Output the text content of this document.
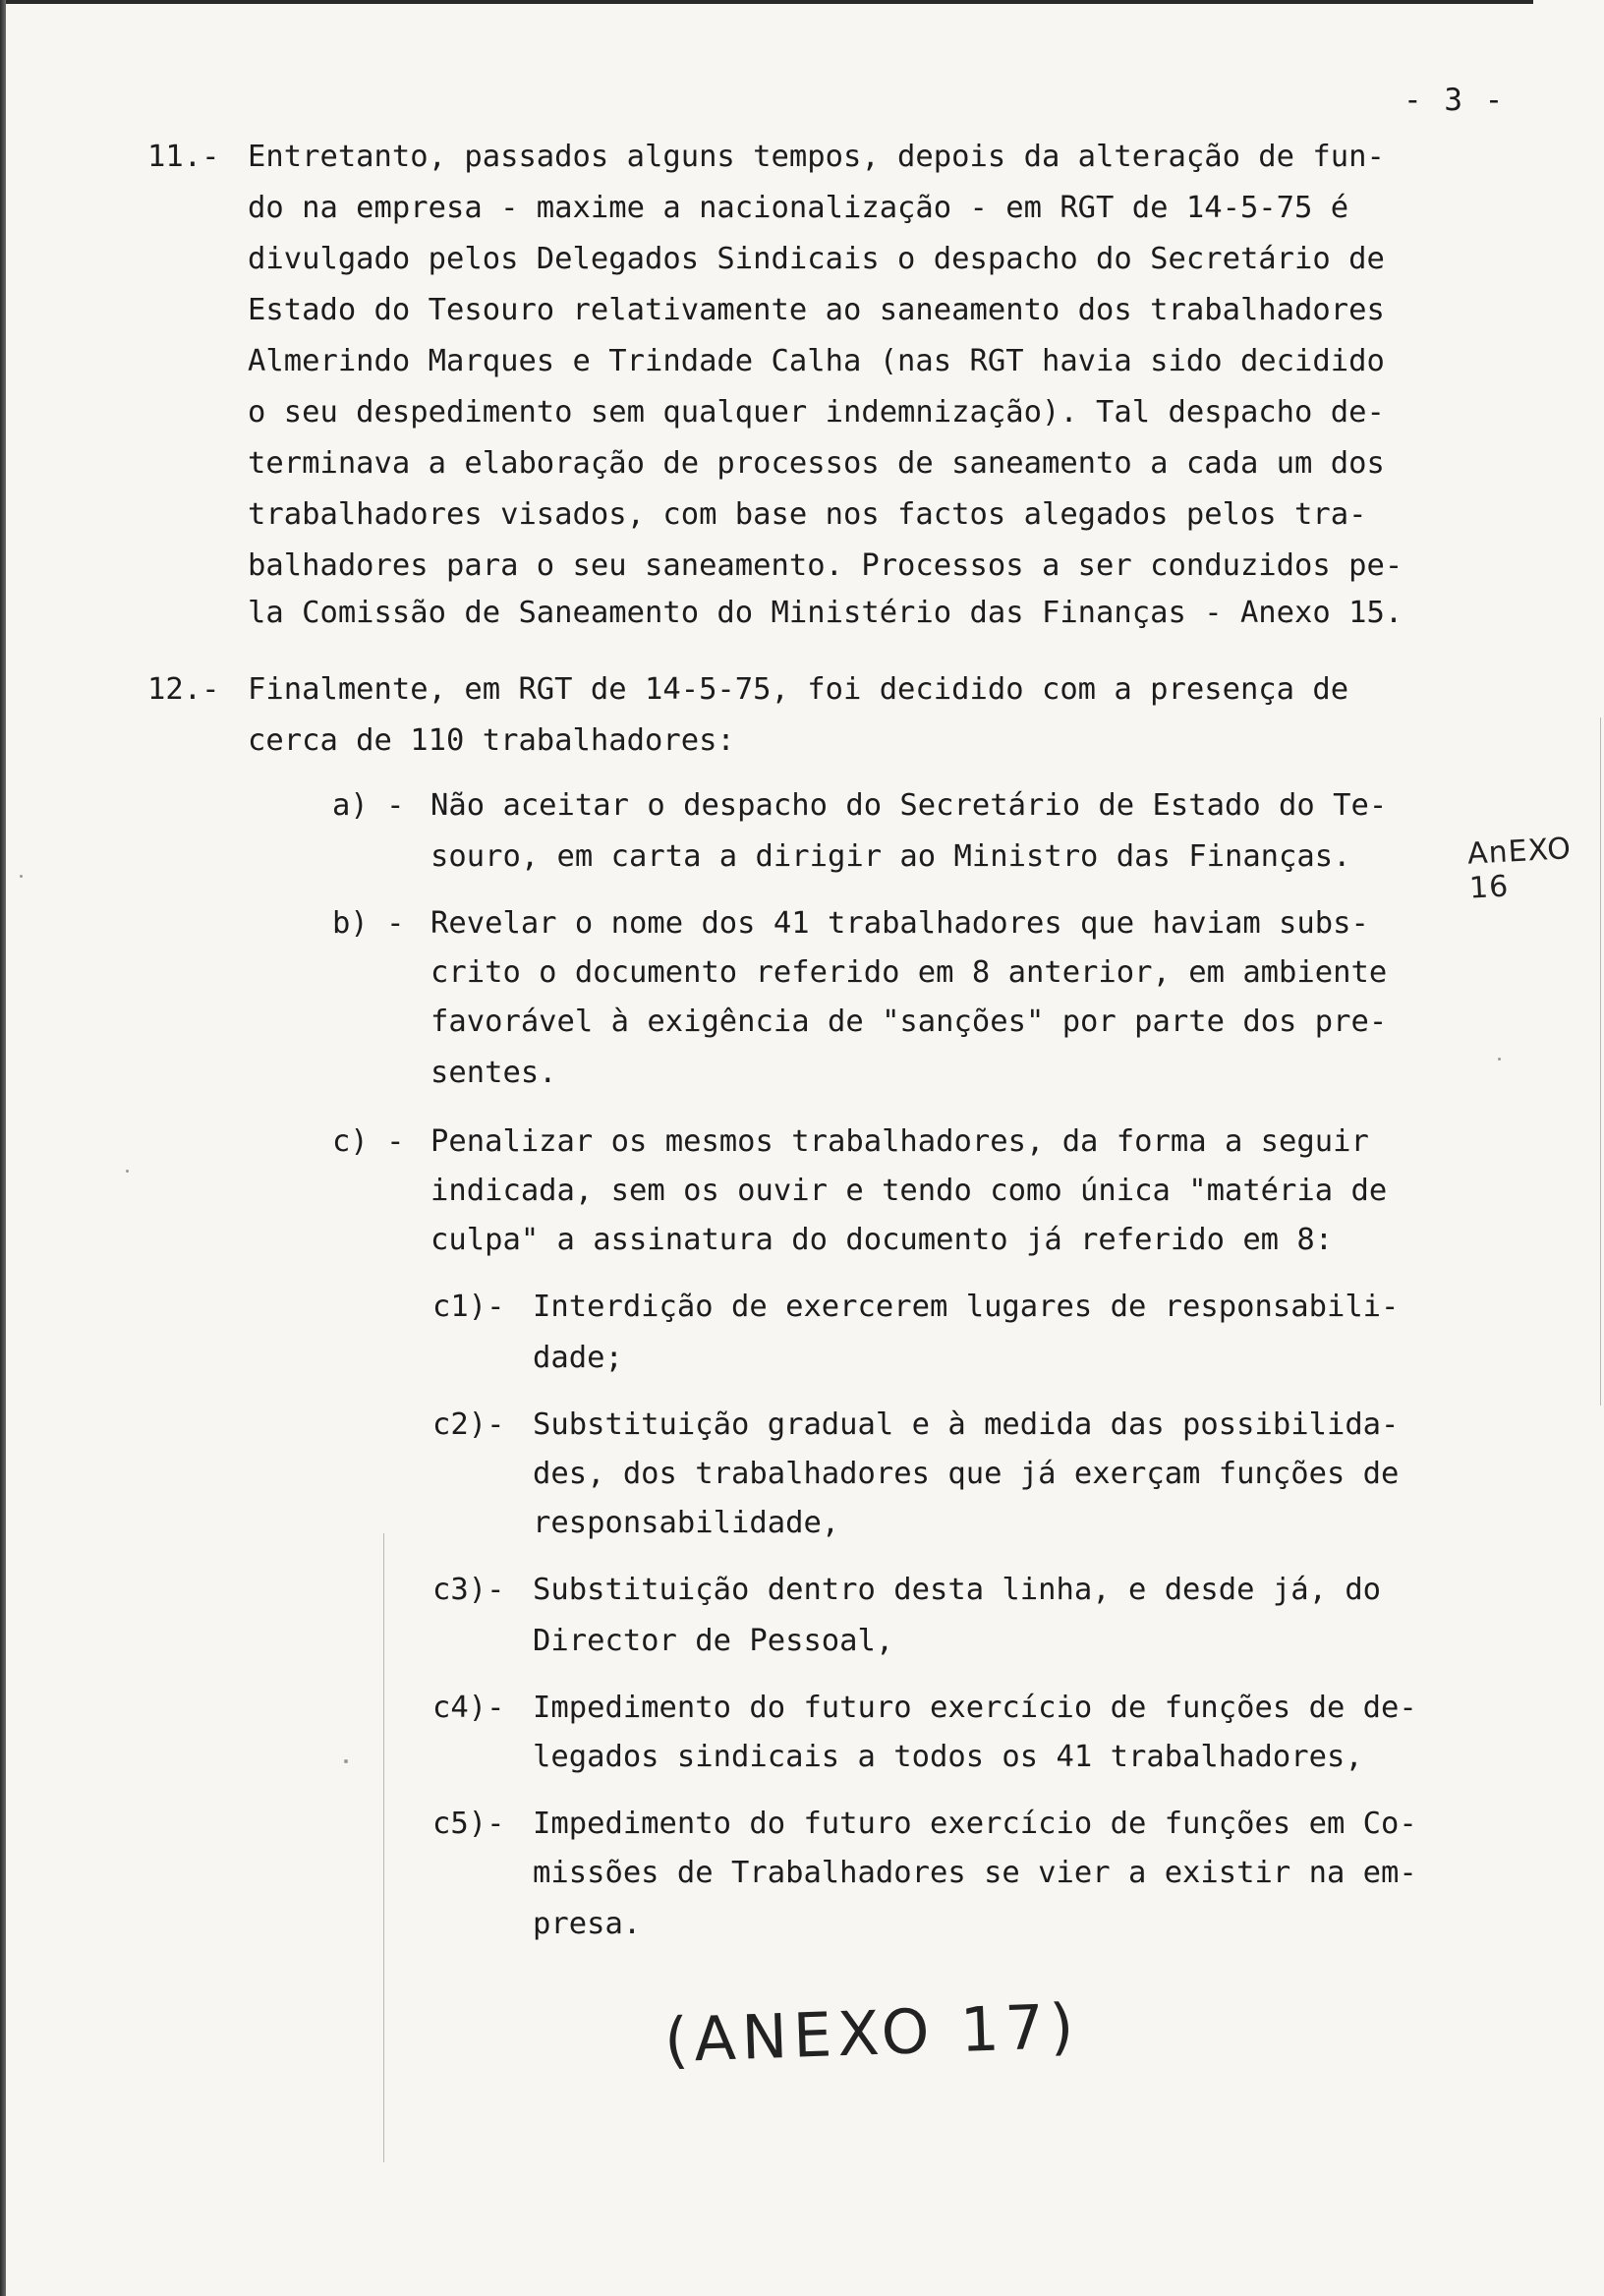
- 3 -
11.- Entretanto, passados alguns tempos, depois da alteração de fun-
do na empresa - maxime a nacionalização - em RGT de 14-5-75 é
divulgado pelos Delegados Sindicais o despacho do Secretário de
Estado do Tesouro relativamente ao saneamento dos trabalhadores
Almerindo Marques e Trindade Calha (nas RGT havia sido decidido
o seu despedimento sem qualquer indemnização). Tal despacho de-
terminava a elaboração de processos de saneamento a cada um dos
trabalhadores visados, com base nos factos alegados pelos tra-
balhadores para o seu saneamento. Processos a ser conduzidos pe-
la Comissão de Saneamento do Ministério das Finanças - Anexo 15.
12.- Finalmente, em RGT de 14-5-75, foi decidido com a presença de
cerca de 110 trabalhadores:
a) - Não aceitar o despacho do Secretário de Estado do Te-
souro, em carta a dirigir ao Ministro das Finanças.	AnEXO 16
b) - Revelar o nome dos 41 trabalhadores que haviam subs-
crito o documento referido em 8 anterior, em ambiente
favorável à exigência de "sanções" por parte dos pre-
sentes.
c) - Penalizar os mesmos trabalhadores, da forma a seguir
indicada, sem os ouvir e tendo como única "matéria de
culpa" a assinatura do documento já referido em 8:
c1)- Interdição de exercerem lugares de responsabili-
dade;
c2)- Substituição gradual e à medida das possibilida-
des, dos trabalhadores que já exerçam funções de
responsabilidade,
c3)- Substituição dentro desta linha, e desde já, do
Director de Pessoal,
c4)- Impedimento do futuro exercício de funções de de-
legados sindicais a todos os 41 trabalhadores,
c5)- Impedimento do futuro exercício de funções em Co-
missões de Trabalhadores se vier a existir na em-
presa.
(ANEXO 17)
